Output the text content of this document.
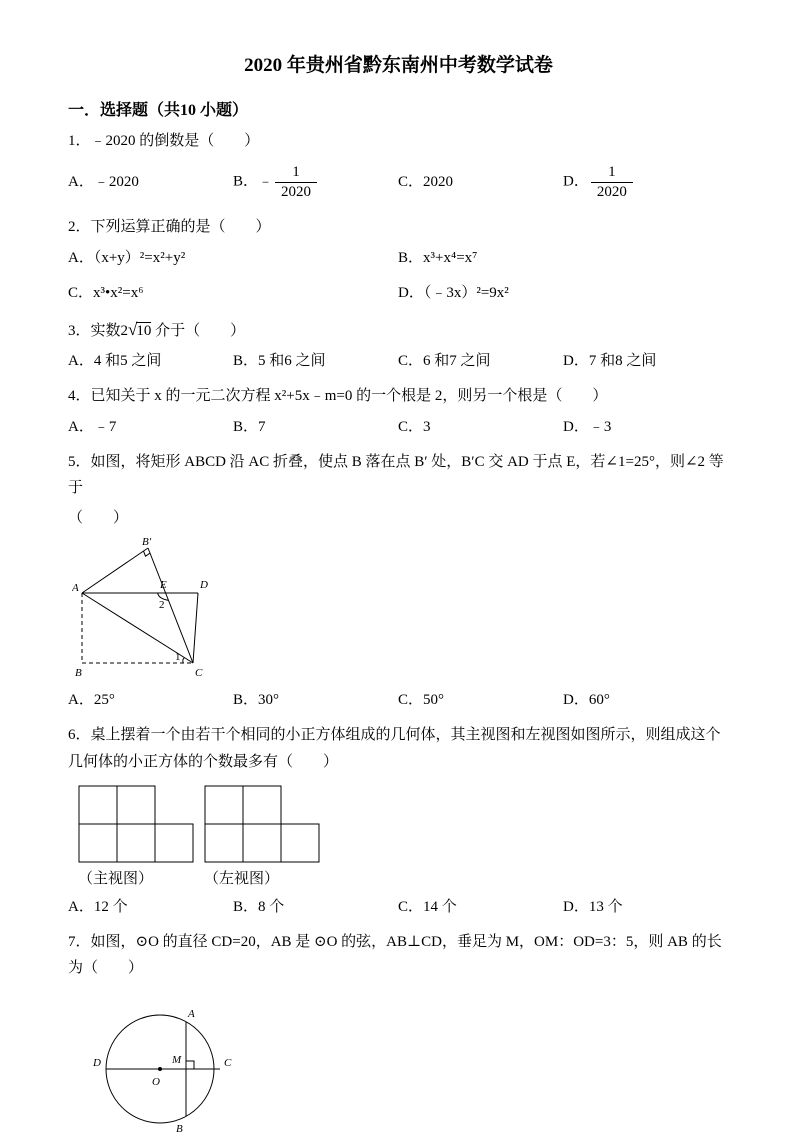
2020 年贵州省黔东南州中考数学试卷
一．选择题（共10 小题）

1．﹣2020 的倒数是（　　）

A．﹣2020	B．﹣ $\frac{1}{2020}$	C．2020	D． $\frac{1}{2020}$

2．下列运算正确的是（　　）

A．（x+y）²=x²+y²	B．x³+x⁴=x⁷
C．x³•x²=x⁶	D．（﹣3x）²=9x²

3．实数2√10 介于（　　）

A．4 和5 之间	B．5 和6 之间	C．6 和7 之间	D．7 和8 之间

4．已知关于 x 的一元二次方程 x²+5x﹣m=0 的一个根是 2，则另一个根是（　　）

A．﹣7	B．7	C．3	D．﹣3

5．如图，将矩形 ABCD 沿 AC 折叠，使点 B 落在点 B′ 处，B′C 交 AD 于点 E，若∠1=25°，则∠2 等于

（　　）

B′
A	E	D
B	C
2
1
A．25°	B．30°	C．50°	D．60°

6．桌上摆着一个由若干个相同的小正方体组成的几何体，其主视图和左视图如图所示，则组成这个几何体的小正方体的个数最多有（　　）

（主视图）	（左视图）

A．12 个	B．8 个	C．14 个	D．13 个

7．如图，⊙O 的直径 CD=20，AB 是 ⊙O 的弦，AB⊥CD，垂足为 M，OM：OD=3：5，则 AB 的长为（　　）

A
D	M	C
O
B
